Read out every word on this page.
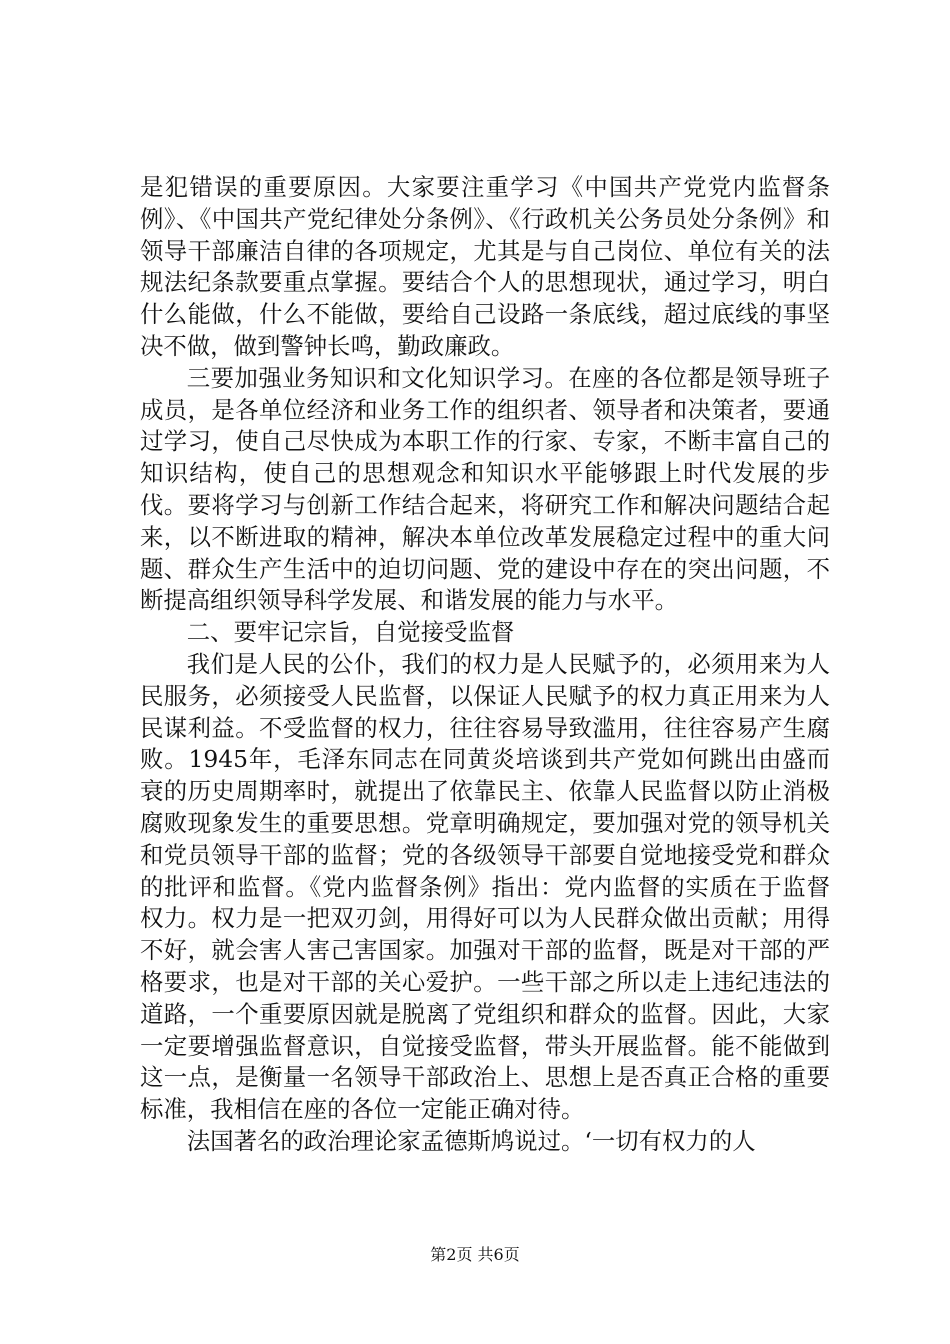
是犯错误的重要原因。大家要注重学习《中国共产党党内监督条例》、《中国共产党纪律处分条例》、《行政机关公务员处分条例》和领导干部廉洁自律的各项规定，尤其是与自己岗位、单位有关的法规法纪条款要重点掌握。要结合个人的思想现状，通过学习，明白什么能做，什么不能做，要给自己设路一条底线，超过底线的事坚决不做，做到警钟长鸣，勤政廉政。

三要加强业务知识和文化知识学习。在座的各位都是领导班子成员，是各单位经济和业务工作的组织者、领导者和决策者，要通过学习，使自己尽快成为本职工作的行家、专家，不断丰富自己的知识结构，使自己的思想观念和知识水平能够跟上时代发展的步伐。要将学习与创新工作结合起来，将研究工作和解决问题结合起来，以不断进取的精神，解决本单位改革发展稳定过程中的重大问题、群众生产生活中的迫切问题、党的建设中存在的突出问题，不断提高组织领导科学发展、和谐发展的能力与水平。

二、要牢记宗旨，自觉接受监督

我们是人民的公仆，我们的权力是人民赋予的，必须用来为人民服务，必须接受人民监督，以保证人民赋予的权力真正用来为人民谋利益。不受监督的权力，往往容易导致滥用，往往容易产生腐败。1945年，毛泽东同志在同黄炎培谈到共产党如何跳出由盛而衰的历史周期率时，就提出了依靠民主、依靠人民监督以防止消极腐败现象发生的重要思想。党章明确规定，要加强对党的领导机关和党员领导干部的监督；党的各级领导干部要自觉地接受党和群众的批评和监督。《党内监督条例》指出：党内监督的实质在于监督权力。权力是一把双刃剑，用得好可以为人民群众做出贡献；用得不好，就会害人害己害国家。加强对干部的监督，既是对干部的严格要求，也是对干部的关心爱护。一些干部之所以走上违纪违法的道路，一个重要原因就是脱离了党组织和群众的监督。因此，大家一定要增强监督意识，自觉接受监督，带头开展监督。能不能做到这一点，是衡量一名领导干部政治上、思想上是否真正合格的重要标准，我相信在座的各位一定能正确对待。

法国著名的政治理论家孟德斯鸠说过。‘一切有权力的人

第2页 共6页
